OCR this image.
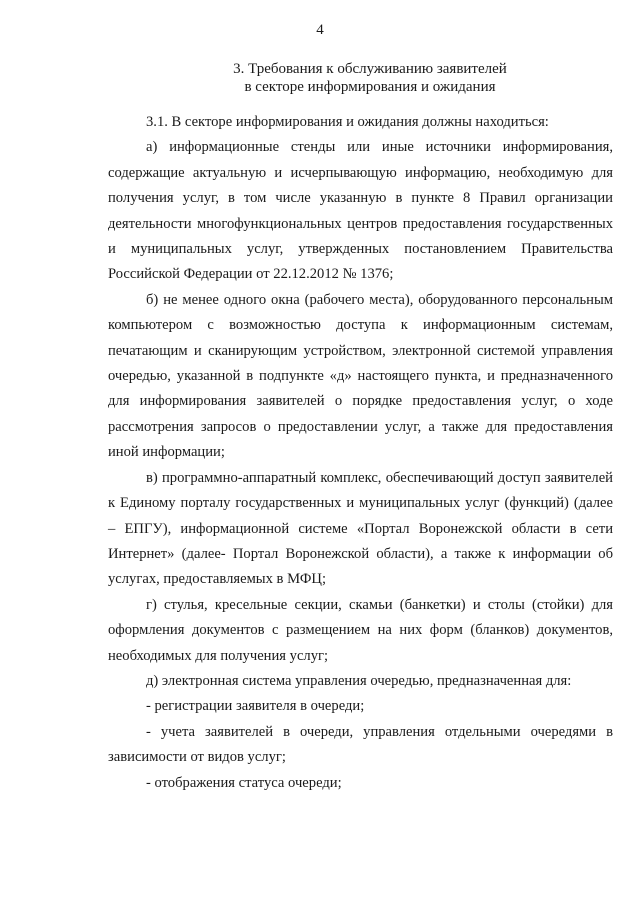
4
3. Требования к обслуживанию заявителей
в секторе информирования и ожидания

3.1. В секторе информирования и ожидания должны находиться:

а) информационные стенды или иные источники информирования, содержащие актуальную и исчерпывающую информацию, необходимую для получения услуг, в том числе указанную в пункте 8 Правил организации деятельности многофункциональных центров предоставления государственных и муниципальных услуг, утвержденных постановлением Правительства Российской Федерации от 22.12.2012 № 1376;

б) не менее одного окна (рабочего места), оборудованного персональным компьютером с возможностью доступа к информационным системам, печатающим и сканирующим устройством, электронной системой управления очередью, указанной в подпункте «д» настоящего пункта, и предназначенного для информирования заявителей о порядке предоставления услуг, о ходе рассмотрения запросов о предоставлении услуг, а также для предоставления иной информации;

в) программно-аппаратный комплекс, обеспечивающий доступ заявителей к Единому порталу государственных и муниципальных услуг (функций) (далее – ЕПГУ), информационной системе «Портал Воронежской области в сети Интернет» (далее- Портал Воронежской области), а также к информации об услугах, предоставляемых в МФЦ;

г) стулья, кресельные секции, скамьи (банкетки) и столы (стойки) для оформления документов с размещением на них форм (бланков) документов, необходимых для получения услуг;

д) электронная система управления очередью, предназначенная для:

- регистрации заявителя в очереди;

- учета заявителей в очереди, управления отдельными очередями в зависимости от видов услуг;

- отображения статуса очереди;
